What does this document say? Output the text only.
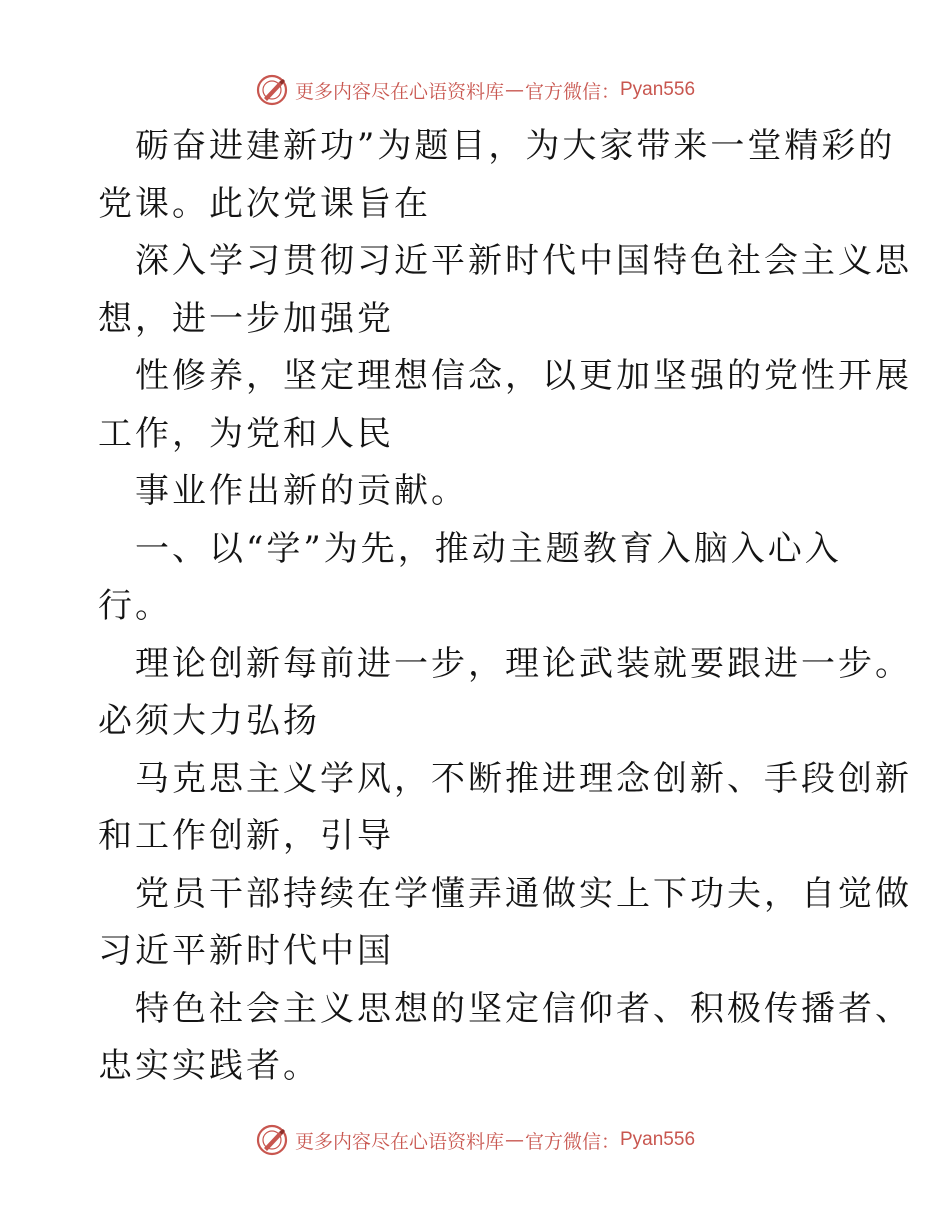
更多内容尽在心语资料库 — 官方微信： Pyan556
砺奋进建新功”为题目，为大家带来一堂精彩的
党课。此次党课旨在
深入学习贯彻习近平新时代中国特色社会主义思
想，进一步加强党
性修养，坚定理想信念，以更加坚强的党性开展
工作，为党和人民
事业作出新的贡献。
一、以“学”为先，推动主题教育入脑入心入
行。
理论创新每前进一步，理论武装就要跟进一步。
必须大力弘扬
马克思主义学风，不断推进理念创新、手段创新
和工作创新，引导
党员干部持续在学懂弄通做实上下功夫，自觉做
习近平新时代中国
特色社会主义思想的坚定信仰者、积极传播者、
忠实实践者。
更多内容尽在心语资料库 — 官方微信： Pyan556
